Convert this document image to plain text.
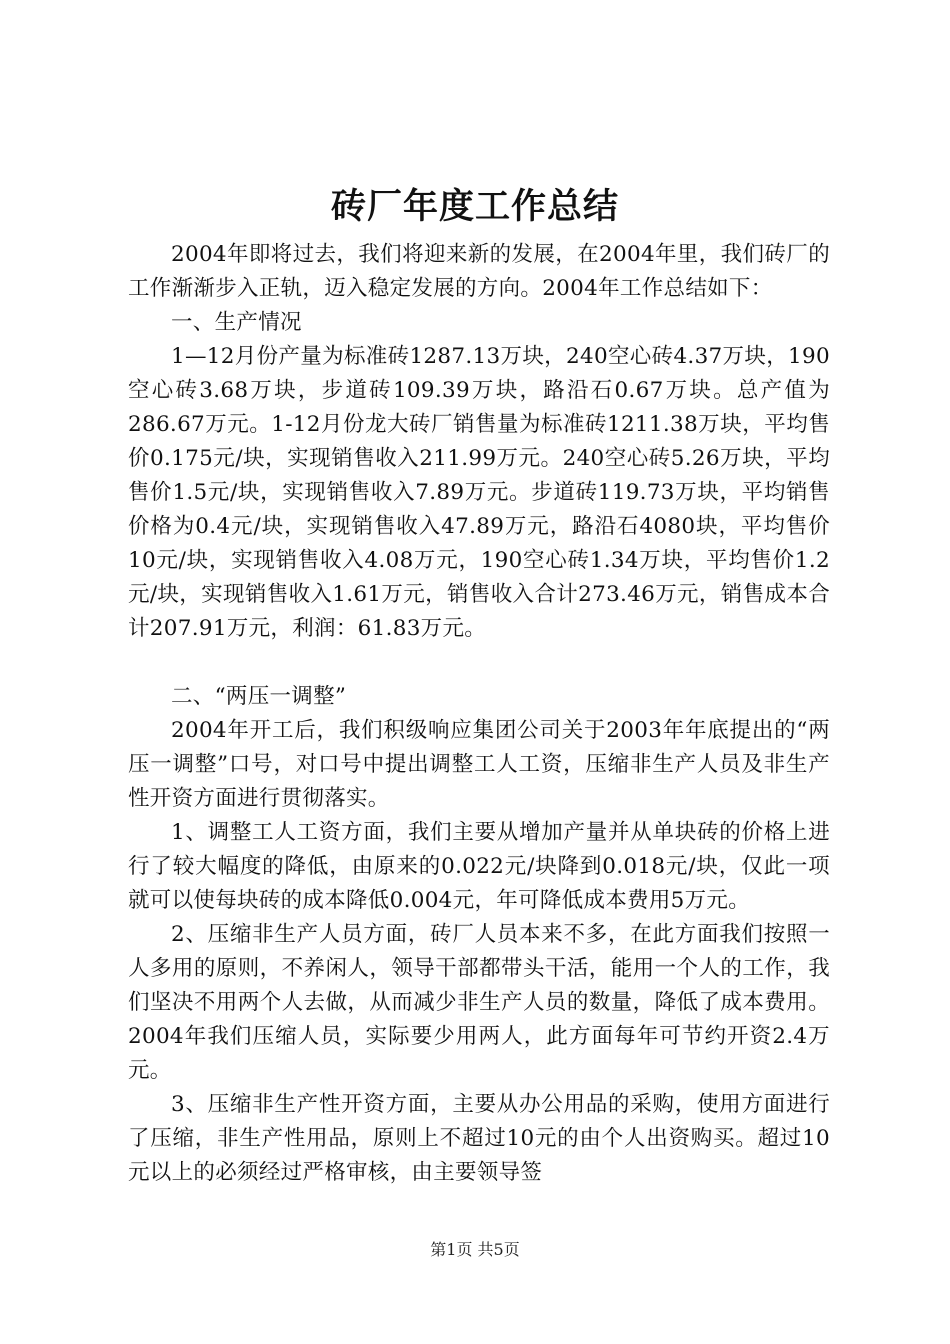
砖厂年度工作总结

2004年即将过去，我们将迎来新的发展，在2004年里，我们砖厂的工作渐渐步入正轨，迈入稳定发展的方向。2004年工作总结如下：

一、生产情况

1—12月份产量为标准砖1287.13万块，240空心砖4.37万块，190空心砖3.68万块，步道砖109.39万块，路沿石0.67万块。总产值为286.67万元。1-12月份龙大砖厂销售量为标准砖1211.38万块，平均售价0.175元/块，实现销售收入211.99万元。240空心砖5.26万块，平均售价1.5元/块，实现销售收入7.89万元。步道砖119.73万块，平均销售价格为0.4元/块，实现销售收入47.89万元，路沿石4080块，平均售价10元/块，实现销售收入4.08万元，190空心砖1.34万块，平均售价1.2元/块，实现销售收入1.61万元，销售收入合计273.46万元，销售成本合计207.91万元，利润：61.83万元。

二、“两压一调整”

2004年开工后，我们积级响应集团公司关于2003年年底提出的“两压一调整”口号，对口号中提出调整工人工资，压缩非生产人员及非生产性开资方面进行贯彻落实。

1、调整工人工资方面，我们主要从增加产量并从单块砖的价格上进行了较大幅度的降低，由原来的0.022元/块降到0.018元/块，仅此一项就可以使每块砖的成本降低0.004元，年可降低成本费用5万元。

2、压缩非生产人员方面，砖厂人员本来不多，在此方面我们按照一人多用的原则，不养闲人，领导干部都带头干活，能用一个人的工作，我们坚决不用两个人去做，从而减少非生产人员的数量，降低了成本费用。2004年我们压缩人员，实际要少用两人，此方面每年可节约开资2.4万元。

3、压缩非生产性开资方面，主要从办公用品的采购，使用方面进行了压缩，非生产性用品，原则上不超过10元的由个人出资购买。超过10元以上的必须经过严格审核，由主要领导签

第1页 共5页
